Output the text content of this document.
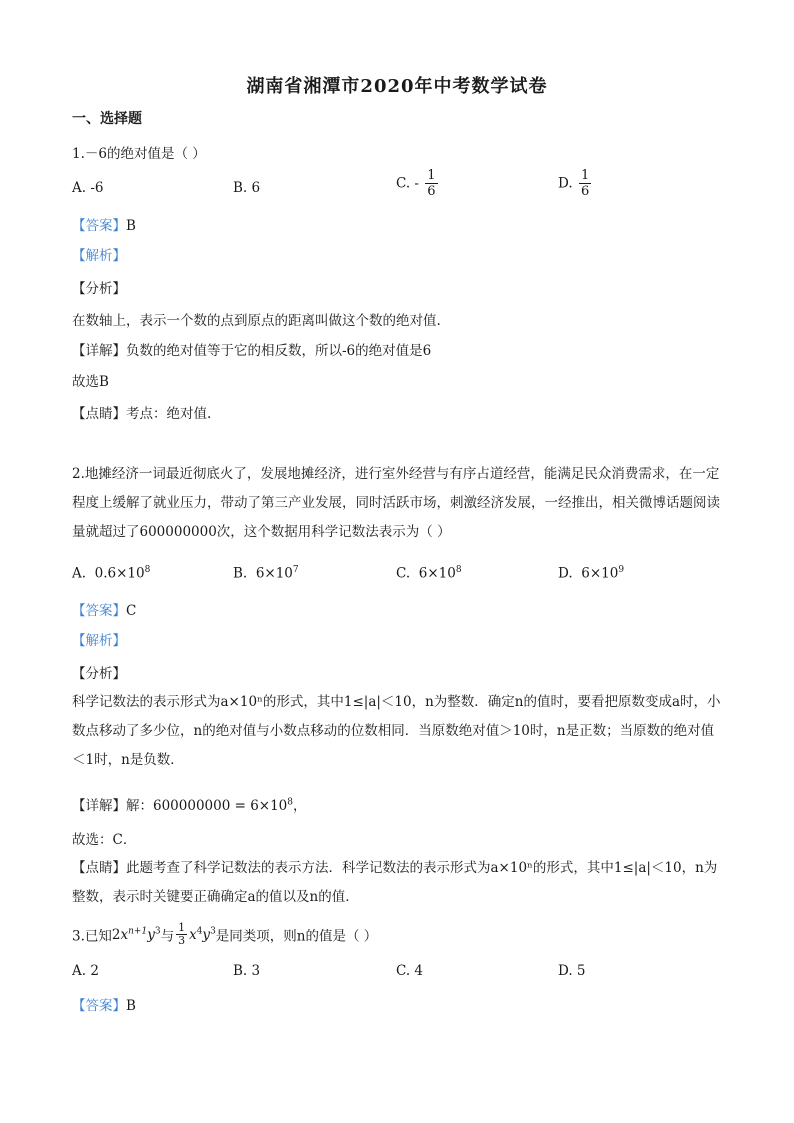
湖南省湘潭市2020年中考数学试卷
一、选择题
1.－6的绝对值是（ ）
A. -6	B. 6	C. - $\frac{1}{6}$	D. $\frac{1}{6}$
【答案】B
【解析】
【分析】
在数轴上，表示一个数的点到原点的距离叫做这个数的绝对值.
【详解】负数的绝对值等于它的相反数，所以-6的绝对值是6
故选B
【点睛】考点：绝对值.
2.地摊经济一词最近彻底火了，发展地摊经济，进行室外经营与有序占道经营，能满足民众消费需求，在一定程度上缓解了就业压力，带动了第三产业发展，同时活跃市场，刺激经济发展，一经推出，相关微博话题阅读量就超过了600000000次，这个数据用科学记数法表示为（ ）
A. $0.6\times 10^8$	B. $6\times 10^7$	C. $6\times 10^8$	D. $6\times 10^9$
【答案】C
【解析】
【分析】
科学记数法的表示形式为a×10ⁿ的形式，其中1≤|a|＜10，n为整数．确定n的值时，要看把原数变成a时，小数点移动了多少位，n的绝对值与小数点移动的位数相同．当原数绝对值＞10时，n是正数；当原数的绝对值＜1时，n是负数．
【详解】解：$600000000 = 6\times 10^8$，
故选：C．
【点睛】此题考查了科学记数法的表示方法．科学记数法的表示形式为a×10ⁿ的形式，其中1≤|a|＜10，n为整数，表示时关键要正确确定a的值以及n的值．
3.已知$2x^{n+1}y^3$与 $\frac{1}{3} x^4y^3$是同类项，则n的值是（ ）
A. 2	B. 3	C. 4	D. 5
【答案】B
